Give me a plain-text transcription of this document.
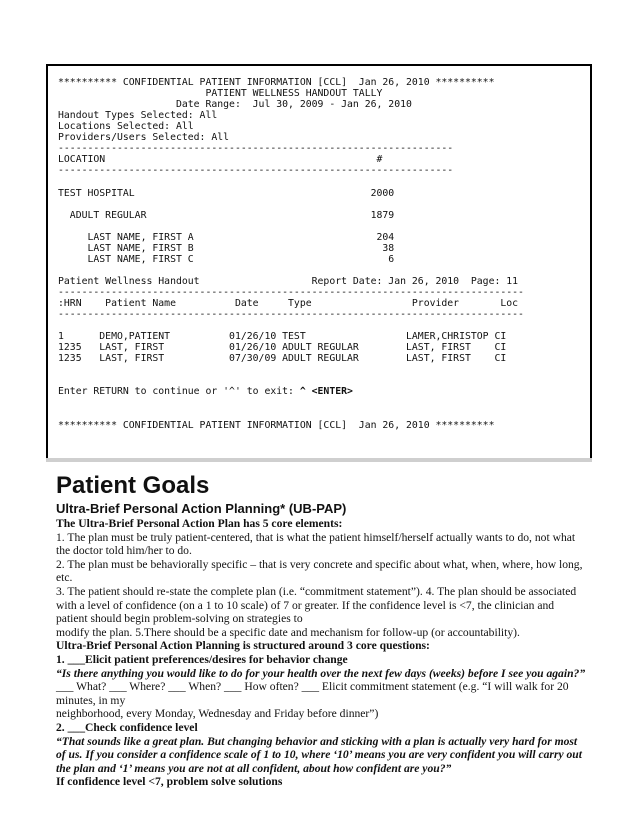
********** CONFIDENTIAL PATIENT INFORMATION [CCL]  Jan 26, 2010 **********
PATIENT WELLNESS HANDOUT TALLY
Date Range:  Jul 30, 2009 - Jan 26, 2010
Handout Types Selected: All
Locations Selected: All
Providers/Users Selected: All
-------------------------------------------------------------------
LOCATION                                              #
-------------------------------------------------------------------
TEST HOSPITAL                                        2000
ADULT REGULAR                                      1879
LAST NAME, FIRST A                               204
LAST NAME, FIRST B                                38
LAST NAME, FIRST C                                 6
Patient Wellness Handout                   Report Date: Jan 26, 2010  Page: 11
-------------------------------------------------------------------------------
:HRN    Patient Name          Date     Type                 Provider       Loc
-------------------------------------------------------------------------------
1      DEMO,PATIENT          01/26/10 TEST                 LAMER,CHRISTOP CI
1235   LAST, FIRST           01/26/10 ADULT REGULAR        LAST, FIRST    CI
1235   LAST, FIRST           07/30/09 ADULT REGULAR        LAST, FIRST    CI
********** CONFIDENTIAL PATIENT INFORMATION [CCL]  Jan 26, 2010 **********
Enter RETURN to continue or '^' to exit: ^ <ENTER>
Patient Goals
Ultra-Brief Personal Action Planning* (UB-PAP)
The Ultra-Brief Personal Action Plan has 5 core elements:
1. The plan must be truly patient-centered, that is what the patient himself/herself actually wants to do, not what the doctor told him/her to do.
2. The plan must be behaviorally specific – that is very concrete and specific about what, when, where, how long, etc.
3. The patient should re-state the complete plan (i.e. “commitment statement”). 4. The plan should be associated with a level of confidence (on a 1 to 10 scale) of 7 or greater. If the confidence level is <7, the clinician and patient should begin problem-solving on strategies to
modify the plan. 5.There should be a specific date and mechanism for follow-up (or accountability).
Ultra-Brief Personal Action Planning is structured around 3 core questions:
1. ___Elicit patient preferences/desires for behavior change
“Is there anything you would like to do for your health over the next few days (weeks) before I see you again?”
___ What? ___ Where? ___ When? ___ How often? ___ Elicit commitment statement (e.g. “I will walk for 20 minutes, in my
neighborhood, every Monday, Wednesday and Friday before dinner”)
2. ___Check confidence level
“That sounds like a great plan. But changing behavior and sticking with a plan is actually very hard for most of us. If you consider a confidence scale of 1 to 10, where ‘10’ means you are very confident you will carry out the plan and ‘1’ means you are not at all confident, about how confident are you?”
If confidence level <7, problem solve solutions
